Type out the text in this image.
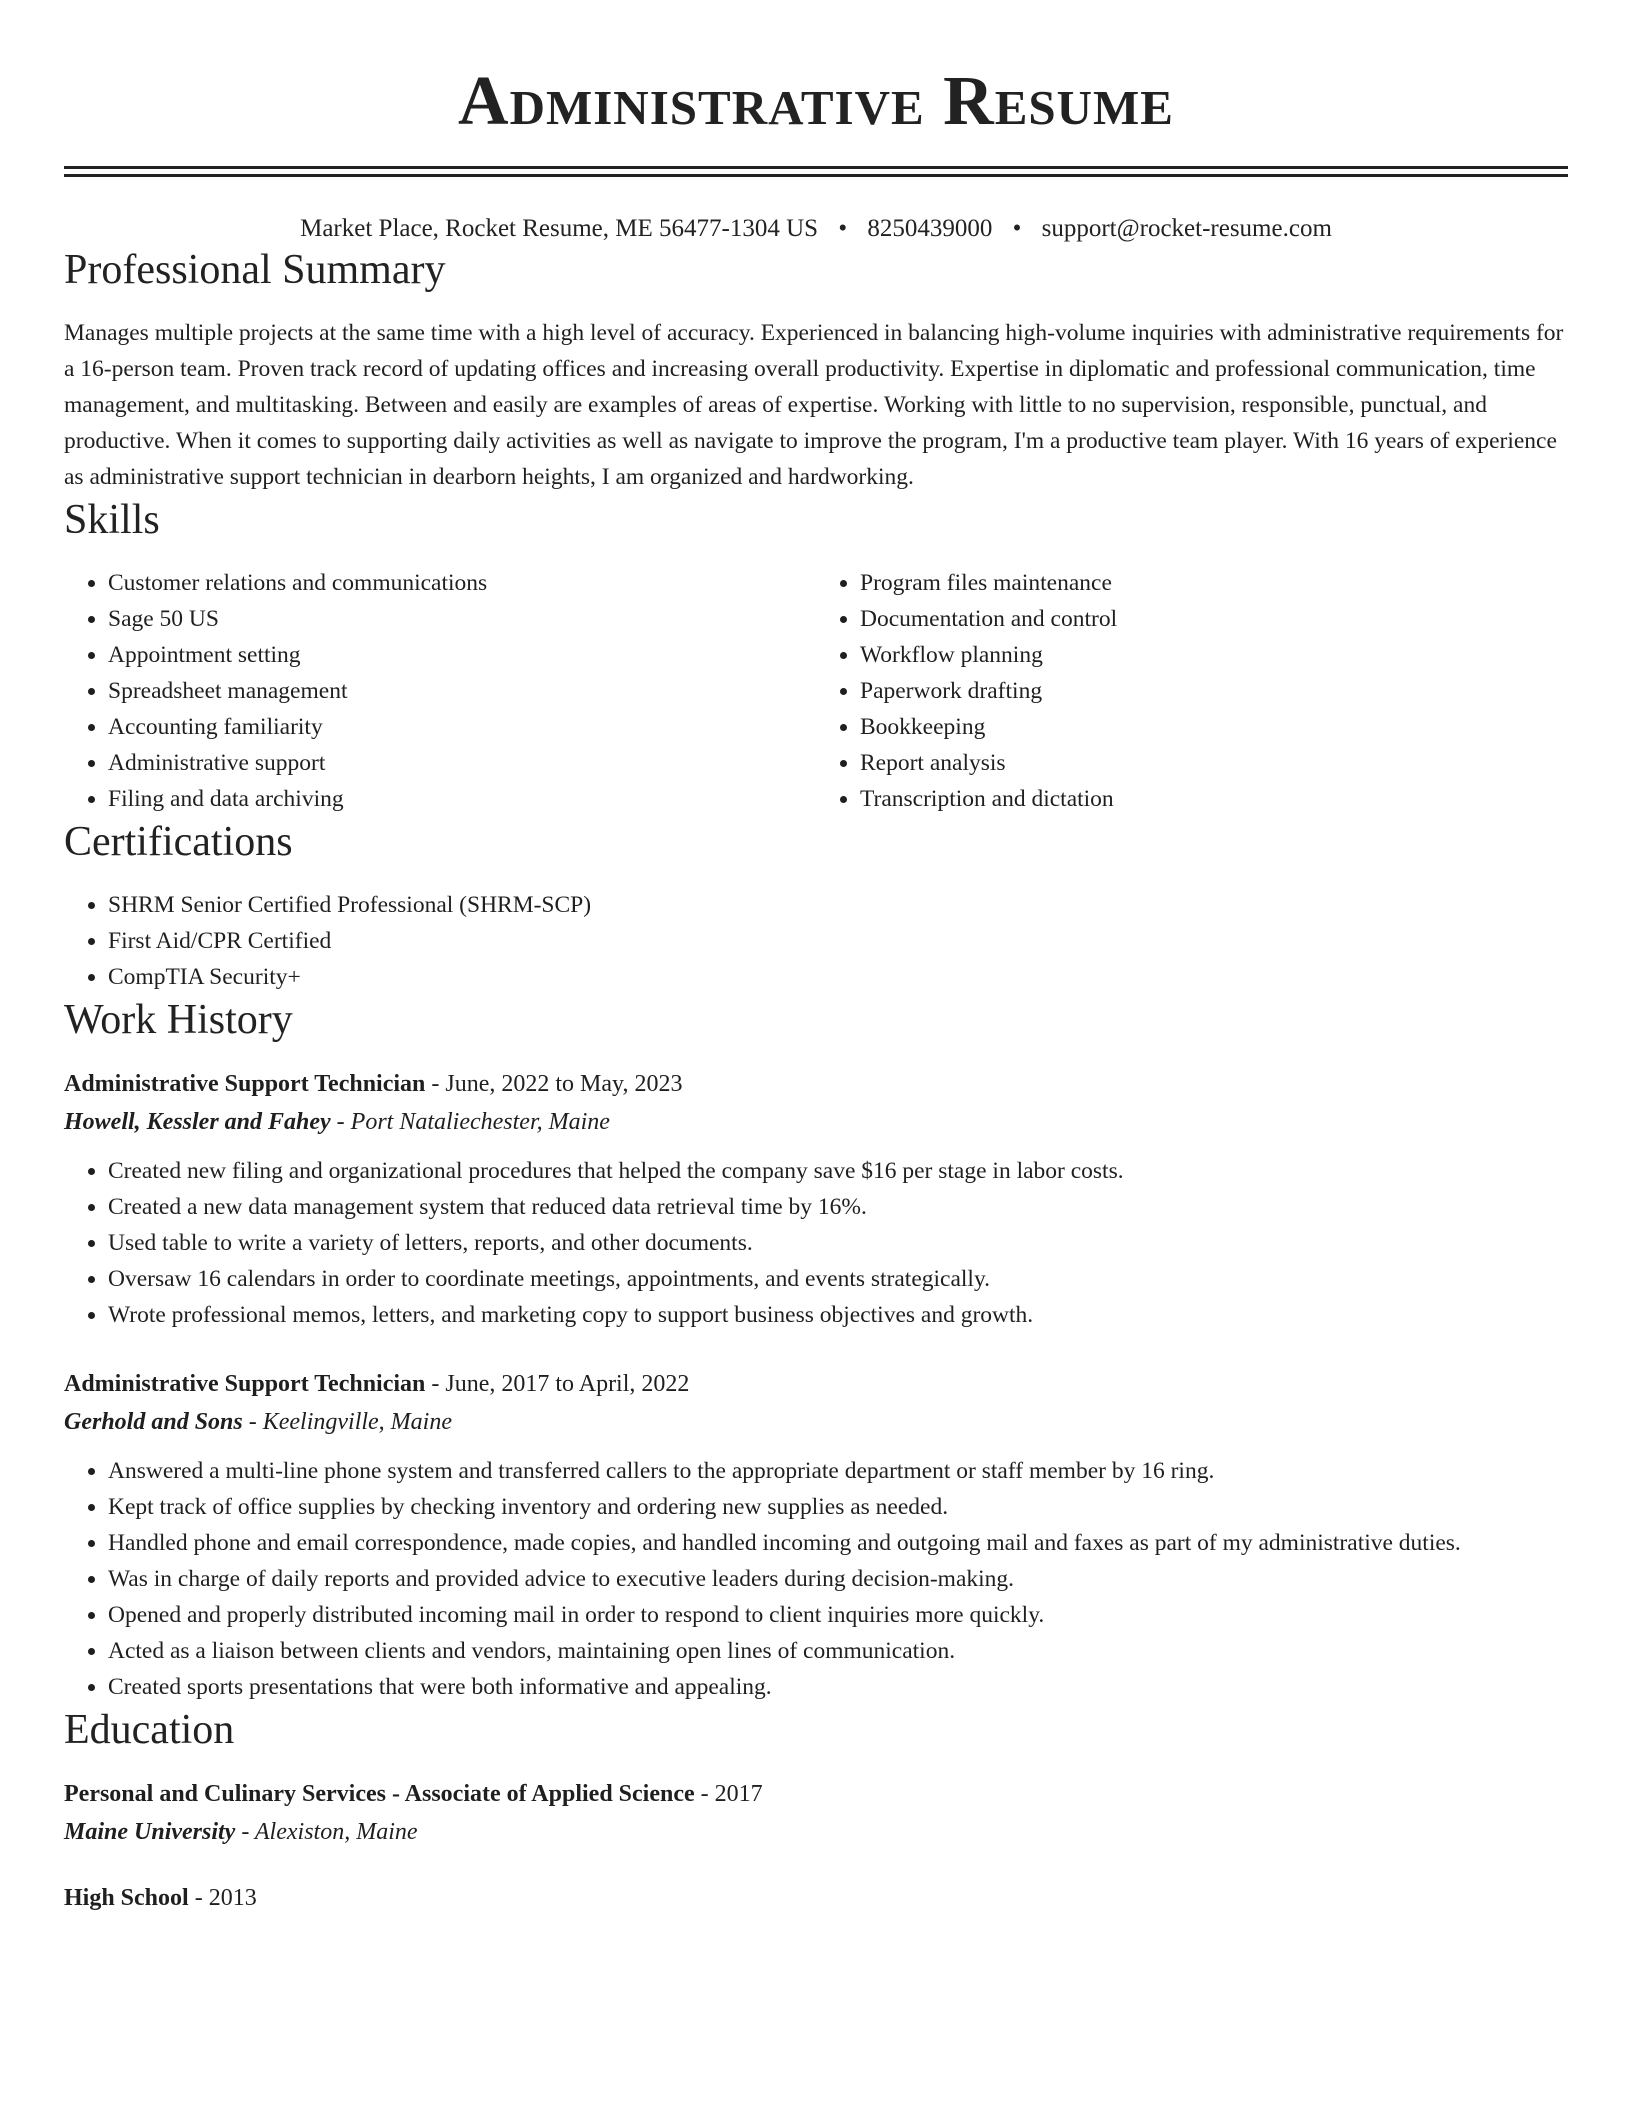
Administrative Resume
Market Place, Rocket Resume, ME 56477-1304 US • 8250439000 • support@rocket-resume.com
Professional Summary

Manages multiple projects at the same time with a high level of accuracy. Experienced in balancing high-volume inquiries with administrative requirements for a 16-person team. Proven track record of updating offices and increasing overall productivity. Expertise in diplomatic and professional communication, time management, and multitasking. Between and easily are examples of areas of expertise. Working with little to no supervision, responsible, punctual, and productive. When it comes to supporting daily activities as well as navigate to improve the program, I'm a productive team player. With 16 years of experience as administrative support technician in dearborn heights, I am organized and hardworking.

Skills
• Customer relations and communications
• Sage 50 US
• Appointment setting
• Spreadsheet management
• Accounting familiarity
• Administrative support
• Filing and data archiving
• Program files maintenance
• Documentation and control
• Workflow planning
• Paperwork drafting
• Bookkeeping
• Report analysis
• Transcription and dictation
Certifications
• SHRM Senior Certified Professional (SHRM-SCP)
• First Aid/CPR Certified
• CompTIA Security+
Work History
Administrative Support Technician - June, 2022 to May, 2023
Howell, Kessler and Fahey - Port Nataliechester, Maine
• Created new filing and organizational procedures that helped the company save $16 per stage in labor costs.
• Created a new data management system that reduced data retrieval time by 16%.
• Used table to write a variety of letters, reports, and other documents.
• Oversaw 16 calendars in order to coordinate meetings, appointments, and events strategically.
• Wrote professional memos, letters, and marketing copy to support business objectives and growth.
Administrative Support Technician - June, 2017 to April, 2022
Gerhold and Sons - Keelingville, Maine
• Answered a multi-line phone system and transferred callers to the appropriate department or staff member by 16 ring.
• Kept track of office supplies by checking inventory and ordering new supplies as needed.
• Handled phone and email correspondence, made copies, and handled incoming and outgoing mail and faxes as part of my administrative duties.
• Was in charge of daily reports and provided advice to executive leaders during decision-making.
• Opened and properly distributed incoming mail in order to respond to client inquiries more quickly.
• Acted as a liaison between clients and vendors, maintaining open lines of communication.
• Created sports presentations that were both informative and appealing.
Education
Personal and Culinary Services - Associate of Applied Science - 2017
Maine University - Alexiston, Maine
High School - 2013
